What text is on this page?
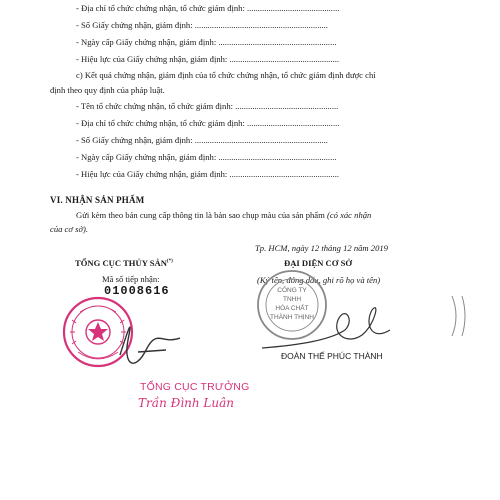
- Địa chỉ tổ chức chứng nhận, tổ chức giám định: ...........................................
- Số Giấy chứng nhận, giám định: ..............................................................
- Ngày cấp Giấy chứng nhận, giám định: .......................................................
- Hiệu lực của Giấy chứng nhận, giám định: ...................................................
c) Kết quả chứng nhận, giám định của tổ chức chứng nhận, tổ chức giám định được chỉ
định theo quy định của pháp luật.
- Tên tổ chức chứng nhận, tổ chức giám định: ................................................
- Địa chỉ tổ chức chứng nhận, tổ chức giám định: ...........................................
- Số Giấy chứng nhận, giám định: ..............................................................
- Ngày cấp Giấy chứng nhận, giám định: .......................................................
- Hiệu lực của Giấy chứng nhận, giám định: ...................................................
VI. NHẬN SẢN PHẨM
Gửi kèm theo bản cung cấp thông tin là bản sao chụp màu của sản phẩm (có xác nhận
của cơ sở).
Tp. HCM, ngày 12 tháng 12 năm 2019
TỔNG CỤC THỦY SẢN(*)
Mã số tiếp nhận:
01008616
ĐẠI DIỆN CƠ SỞ
(Ký tên, đóng dấu, ghi rõ họ và tên)
CÔNG TY
TNHH
HÓA CHẤT
THÀNH THỊNH
ĐOÀN THẾ PHÚC THÀNH
TỔNG CỤC TRƯỞNG
Trần Đình Luân
